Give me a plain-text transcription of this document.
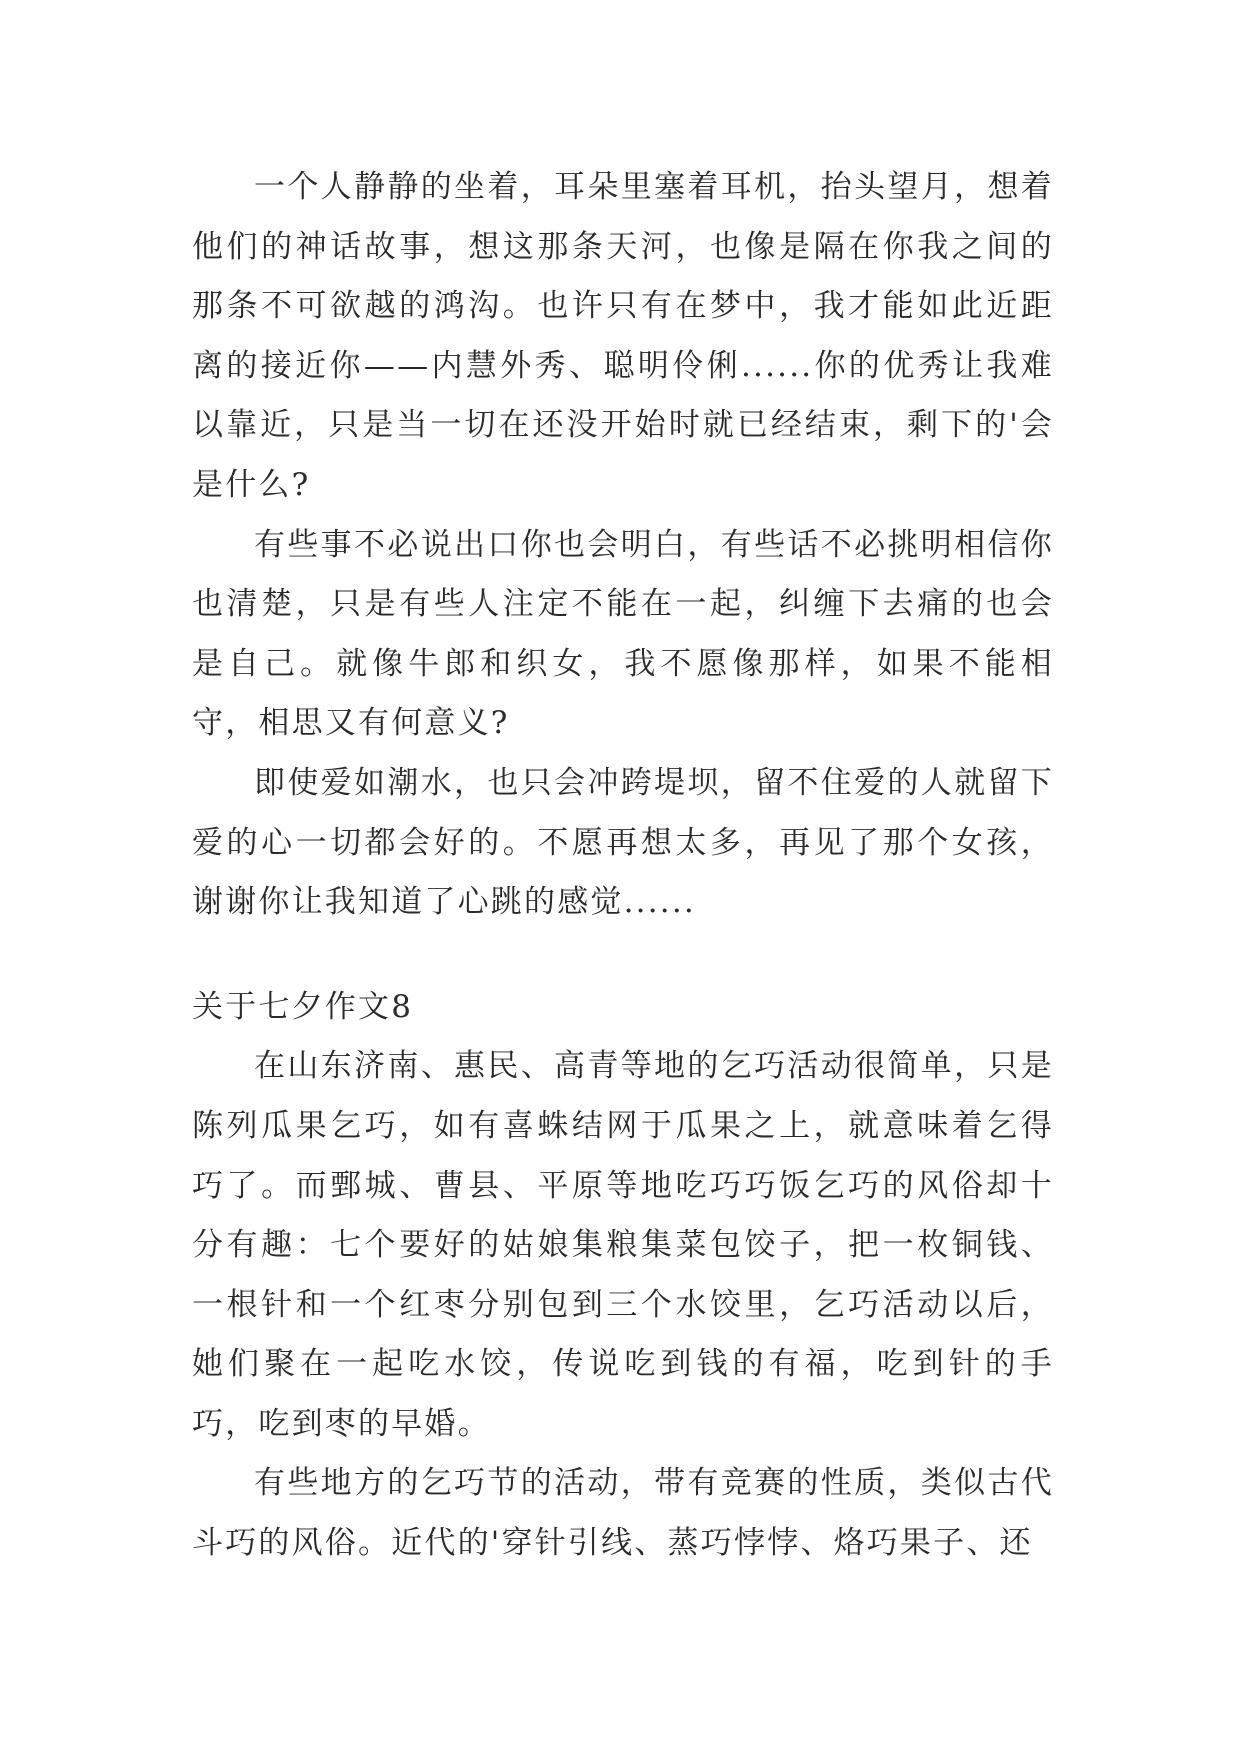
一个人静静的坐着，耳朵里塞着耳机，抬头望月，想着他们的神话故事，想这那条天河，也像是隔在你我之间的那条不可欲越的鸿沟。也许只有在梦中，我才能如此近距离的接近你——内慧外秀、聪明伶俐......你的优秀让我难以靠近，只是当一切在还没开始时就已经结束，剩下的'会是什么?

有些事不必说出口你也会明白，有些话不必挑明相信你也清楚，只是有些人注定不能在一起，纠缠下去痛的也会是自己。就像牛郎和织女，我不愿像那样，如果不能相守，相思又有何意义?

即使爱如潮水，也只会冲跨堤坝，留不住爱的人就留下爱的心一切都会好的。不愿再想太多，再见了那个女孩，谢谢你让我知道了心跳的感觉......

关于七夕作文8

在山东济南、惠民、高青等地的乞巧活动很简单，只是陈列瓜果乞巧，如有喜蛛结网于瓜果之上，就意味着乞得巧了。而鄄城、曹县、平原等地吃巧巧饭乞巧的风俗却十分有趣：七个要好的姑娘集粮集菜包饺子，把一枚铜钱、一根针和一个红枣分别包到三个水饺里，乞巧活动以后，她们聚在一起吃水饺，传说吃到钱的有福，吃到针的手巧，吃到枣的早婚。

有些地方的乞巧节的活动，带有竞赛的性质，类似古代斗巧的风俗。近代的'穿针引线、蒸巧悖悖、烙巧果子、还
